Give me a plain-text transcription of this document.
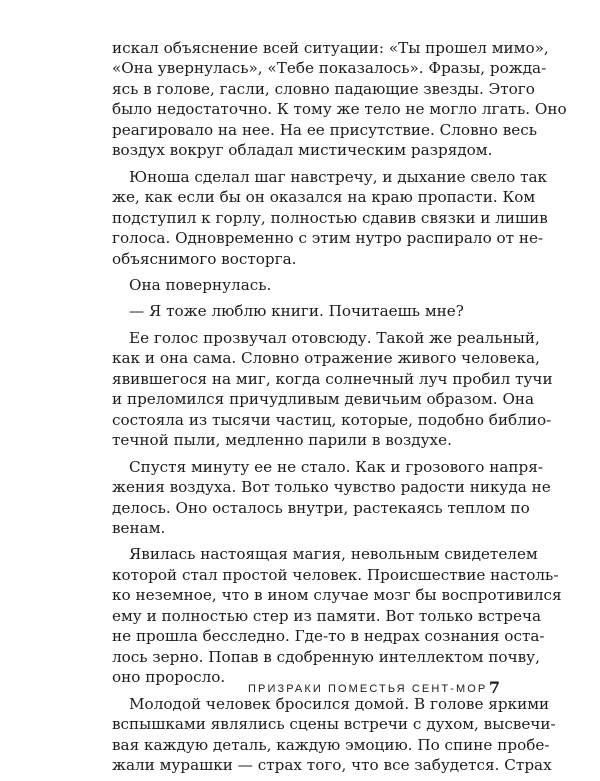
искал объяснение всей ситуации: «Ты прошел мимо»,
«Она увернулась», «Тебе показалось». Фразы, рожда-
ясь в голове, гасли, словно падающие звезды. Этого
было недостаточно. К тому же тело не могло лгать. Оно
реагировало на нее. На ее присутствие. Словно весь
воздух вокруг обладал мистическим разрядом.

Юноша сделал шаг навстречу, и дыхание свело так
же, как если бы он оказался на краю пропасти. Ком
подступил к горлу, полностью сдавив связки и лишив
голоса. Одновременно с этим нутро распирало от не-
объяснимого восторга.

Она повернулась.

— Я тоже люблю книги. Почитаешь мне?

Ее голос прозвучал отовсюду. Такой же реальный,
как и она сама. Словно отражение живого человека,
явившегося на миг, когда солнечный луч пробил тучи
и преломился причудливым девичьим образом. Она
состояла из тысячи частиц, которые, подобно библио-
течной пыли, медленно парили в воздухе.

Спустя минуту ее не стало. Как и грозового напря-
жения воздуха. Вот только чувство радости никуда не
делось. Оно осталось внутри, растекаясь теплом по
венам.

Явилась настоящая магия, невольным свидетелем
которой стал простой человек. Происшествие настоль-
ко неземное, что в ином случае мозг бы воспротивился
ему и полностью стер из памяти. Вот только встреча
не прошла бесследно. Где-то в недрах сознания оста-
лось зерно. Попав в сдобренную интеллектом почву,
оно проросло.

Молодой человек бросился домой. В голове яркими
вспышками являлись сцены встречи с духом, высвечи-
вая каждую деталь, каждую эмоцию. По спине пробе-
жали мурашки — страх того, что все забудется. Страх

ПРИЗРАКИ ПОМЕСТЬЯ СЕНТ-МОР 7
